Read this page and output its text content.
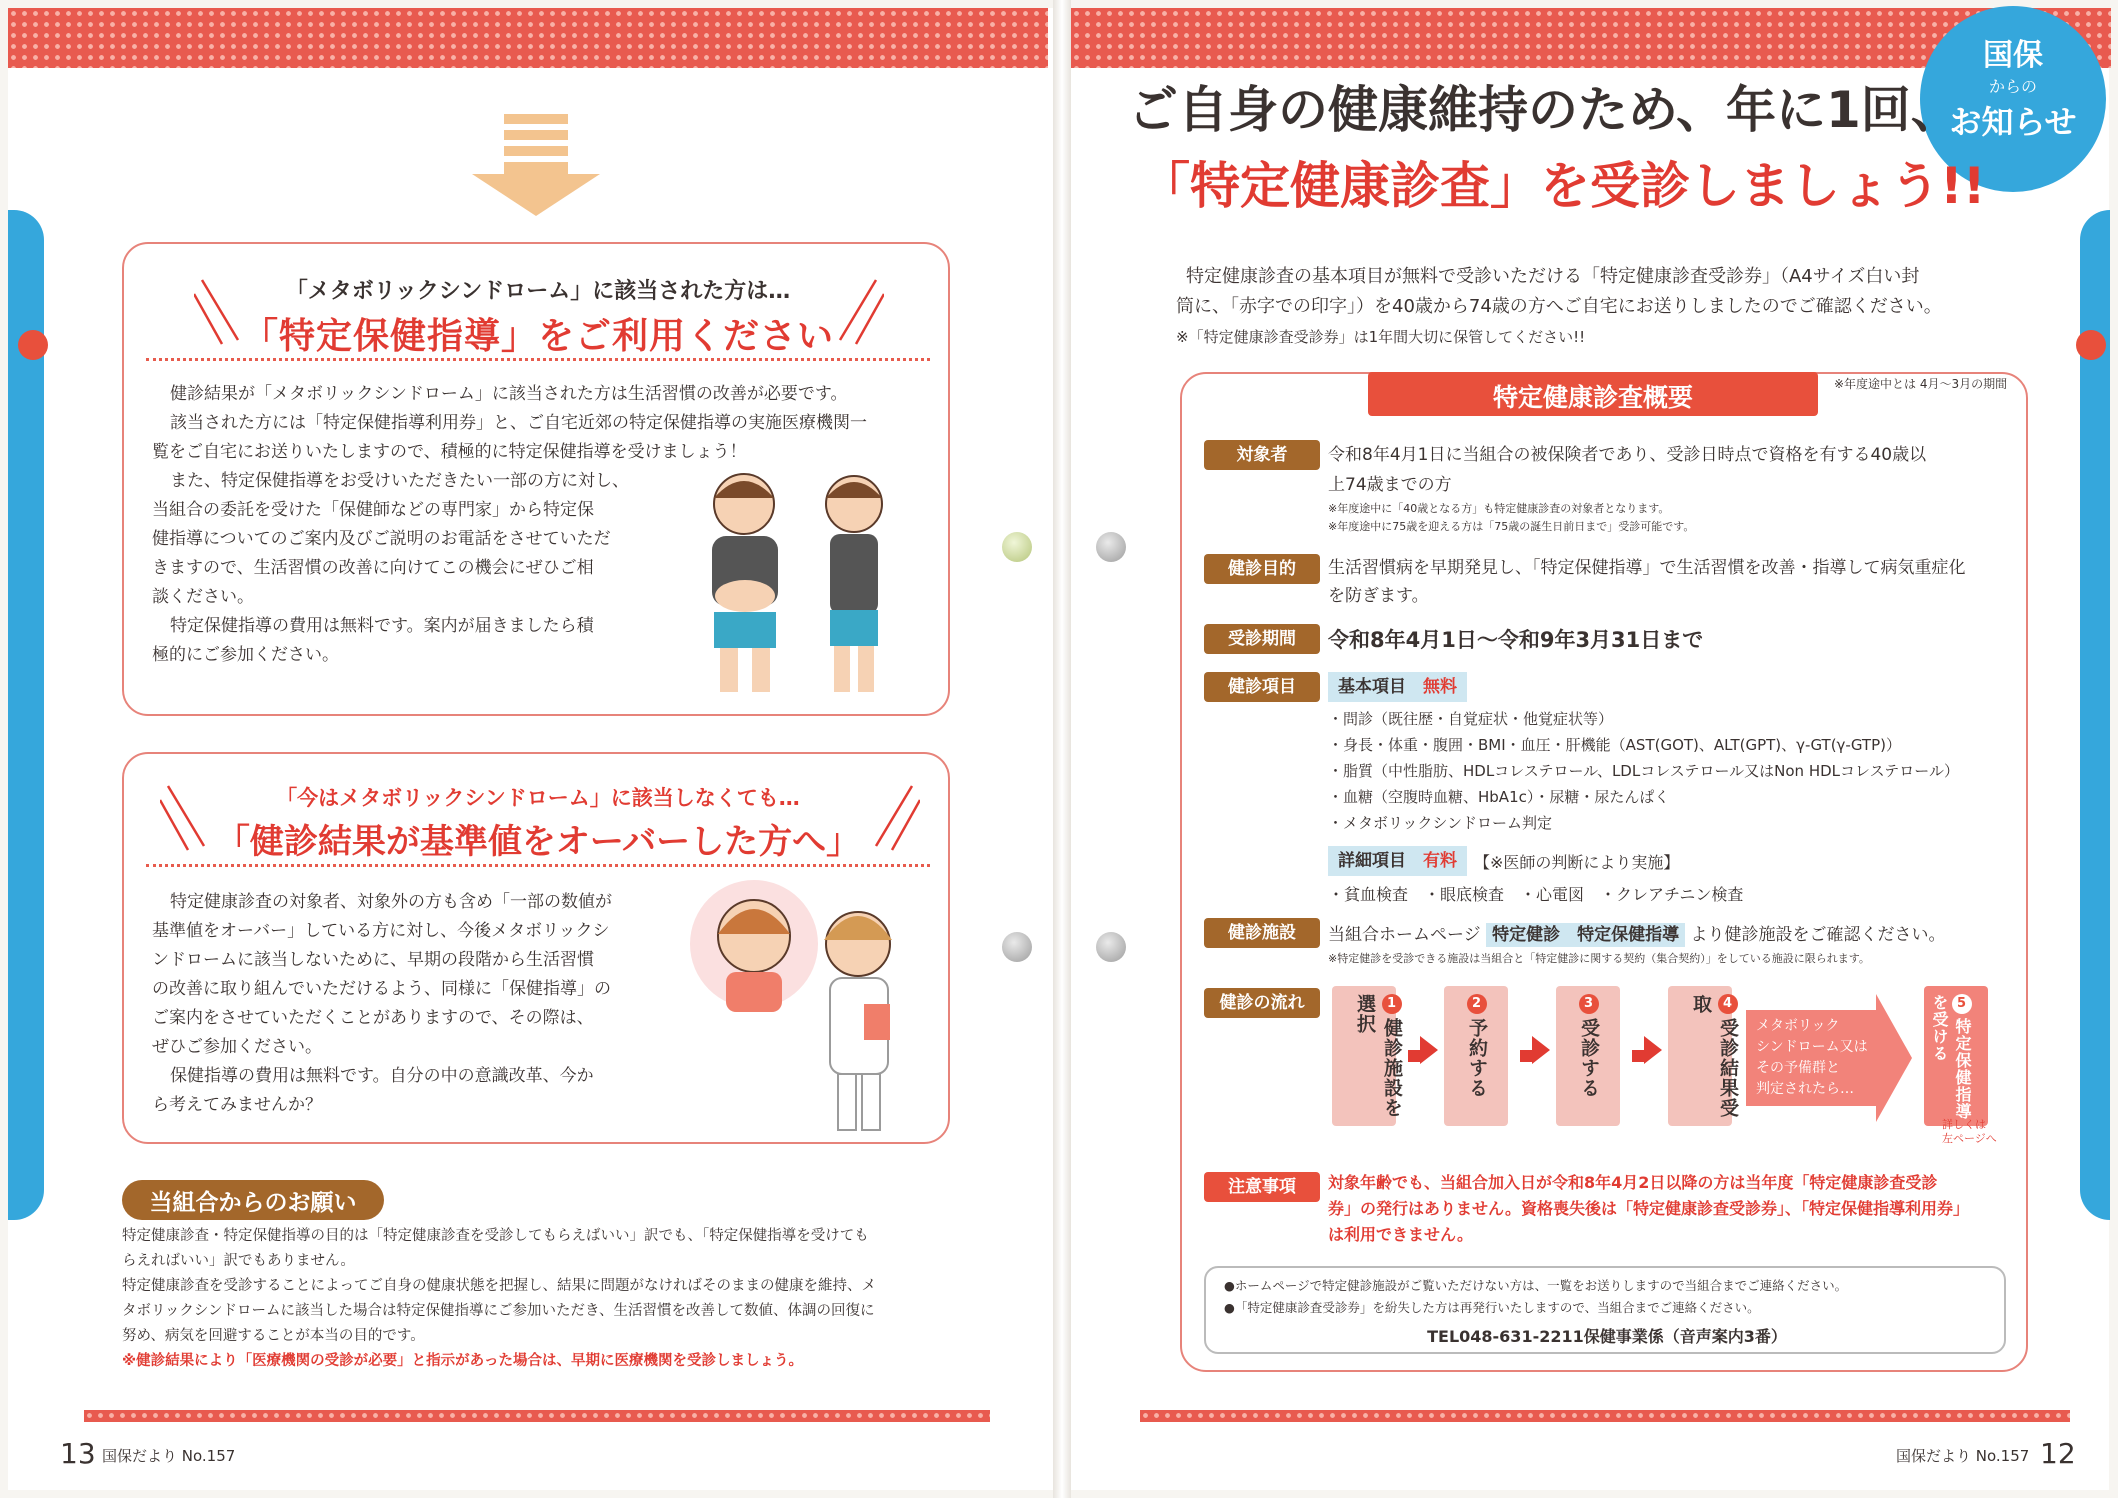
「メタボリックシンドローム」に該当された方は…
「特定保健指導」をご利用ください
健診結果が「メタボリックシンドローム」に該当された方は生活習慣の改善が必要です。
該当された方には「特定保健指導利用券」と、ご自宅近郊の特定保健指導の実施医療機関一
覧をご自宅にお送りいたしますので、積極的に特定保健指導を受けましょう！
また、特定保健指導をお受けいただきたい一部の方に対し、
当組合の委託を受けた「保健師などの専門家」から特定保
健指導についてのご案内及びご説明のお電話をさせていただ
きますので、生活習慣の改善に向けてこの機会にぜひご相
談ください。
特定保健指導の費用は無料です。案内が届きましたら積
極的にご参加ください。
「今はメタボリックシンドローム」に該当しなくても…
「健診結果が基準値をオーバーした方へ」
特定健康診査の対象者、対象外の方も含め「一部の数値が
基準値をオーバー」している方に対し、今後メタボリックシ
ンドロームに該当しないために、早期の段階から生活習慣
の改善に取り組んでいただけるよう、同様に「保健指導」の
ご案内をさせていただくことがありますので、その際は、
ぜひご参加ください。
保健指導の費用は無料です。自分の中の意識改革、今か
ら考えてみませんか？
当組合からのお願い
特定健康診査・特定保健指導の目的は「特定健康診査を受診してもらえばいい」訳でも、「特定保健指導を受けても
らえればいい」訳でもありません。
特定健康診査を受診することによってご自身の健康状態を把握し、結果に問題がなければそのままの健康を維持、メ
タボリックシンドロームに該当した場合は特定保健指導にご参加いただき、生活習慣を改善して数値、体調の回復に
努め、病気を回避することが本当の目的です。
※健診結果により「医療機関の受診が必要」と指示があった場合は、早期に医療機関を受診しましょう。
13 国保だより No.157
国保
からの
お知らせ
ご自身の健康維持のため、年に1回、
「特定健康診査」を受診しましょう!!
特定健康診査の基本項目が無料で受診いただける「特定健康診査受診券」（A4サイズ白い封
筒に、「赤字での印字」）を40歳から74歳の方へご自宅にお送りしましたのでご確認ください。
※「特定健康診査受診券」は1年間大切に保管してください!!
特定健康診査概要	※年度途中とは 4月〜3月の期間
対象者	令和8年4月1日に当組合の被保険者であり、受診日時点で資格を有する40歳以
上74歳までの方
※年度途中に「40歳となる方」も特定健康診査の対象者となります。
※年度途中に75歳を迎える方は「75歳の誕生日前日まで」受診可能です。
健診目的	生活習慣病を早期発見し、「特定保健指導」で生活習慣を改善・指導して病気重症化
を防ぎます。
受診期間	令和8年4月1日〜令和9年3月31日まで
健診項目	基本項目　 無料
・問診（既往歴・自覚症状・他覚症状等）
・身長・体重・腹囲・BMI・血圧・肝機能（AST(GOT)、ALT(GPT)、γ-GT(γ-GTP)）
・脂質（中性脂肪、HDLコレステロール、LDLコレステロール又はNon HDLコレステロール）
・血糖（空腹時血糖、HbA1c）・尿糖・尿たんぱく
・メタボリックシンドローム判定
詳細項目　 有料	【※医師の判断により実施】
・貧血検査　・眼底検査　・心電図　・クレアチニン検査
健診施設	当組合ホームページ 特定健診　特定保健指導 より健診施設をご確認ください。
※特定健診を受診できる施設は当組合と「特定健診に関する契約（集合契約）」をしている施設に限られます。
健診の流れ	1健診施設を選択	2予約する
3受診する
4受診結果受取
メタボリック
シンドローム又は
その予備群と
判定されたら…
5特定保健指導を受ける
詳しくは
左ページへ
注意事項	対象年齢でも、当組合加入日が令和8年4月2日以降の方は当年度「特定健康診査受診
券」の発行はありません。資格喪失後は「特定健康診査受診券」、「特定保健指導利用券」
は利用できません。
●ホームページで特定健診施設がご覧いただけない方は、一覧をお送りしますので当組合までご連絡ください。
●「特定健康診査受診券」を紛失した方は再発行いたしますので、当組合までご連絡ください。
TEL048-631-2211保健事業係（音声案内3番）
国保だより No.157 12
